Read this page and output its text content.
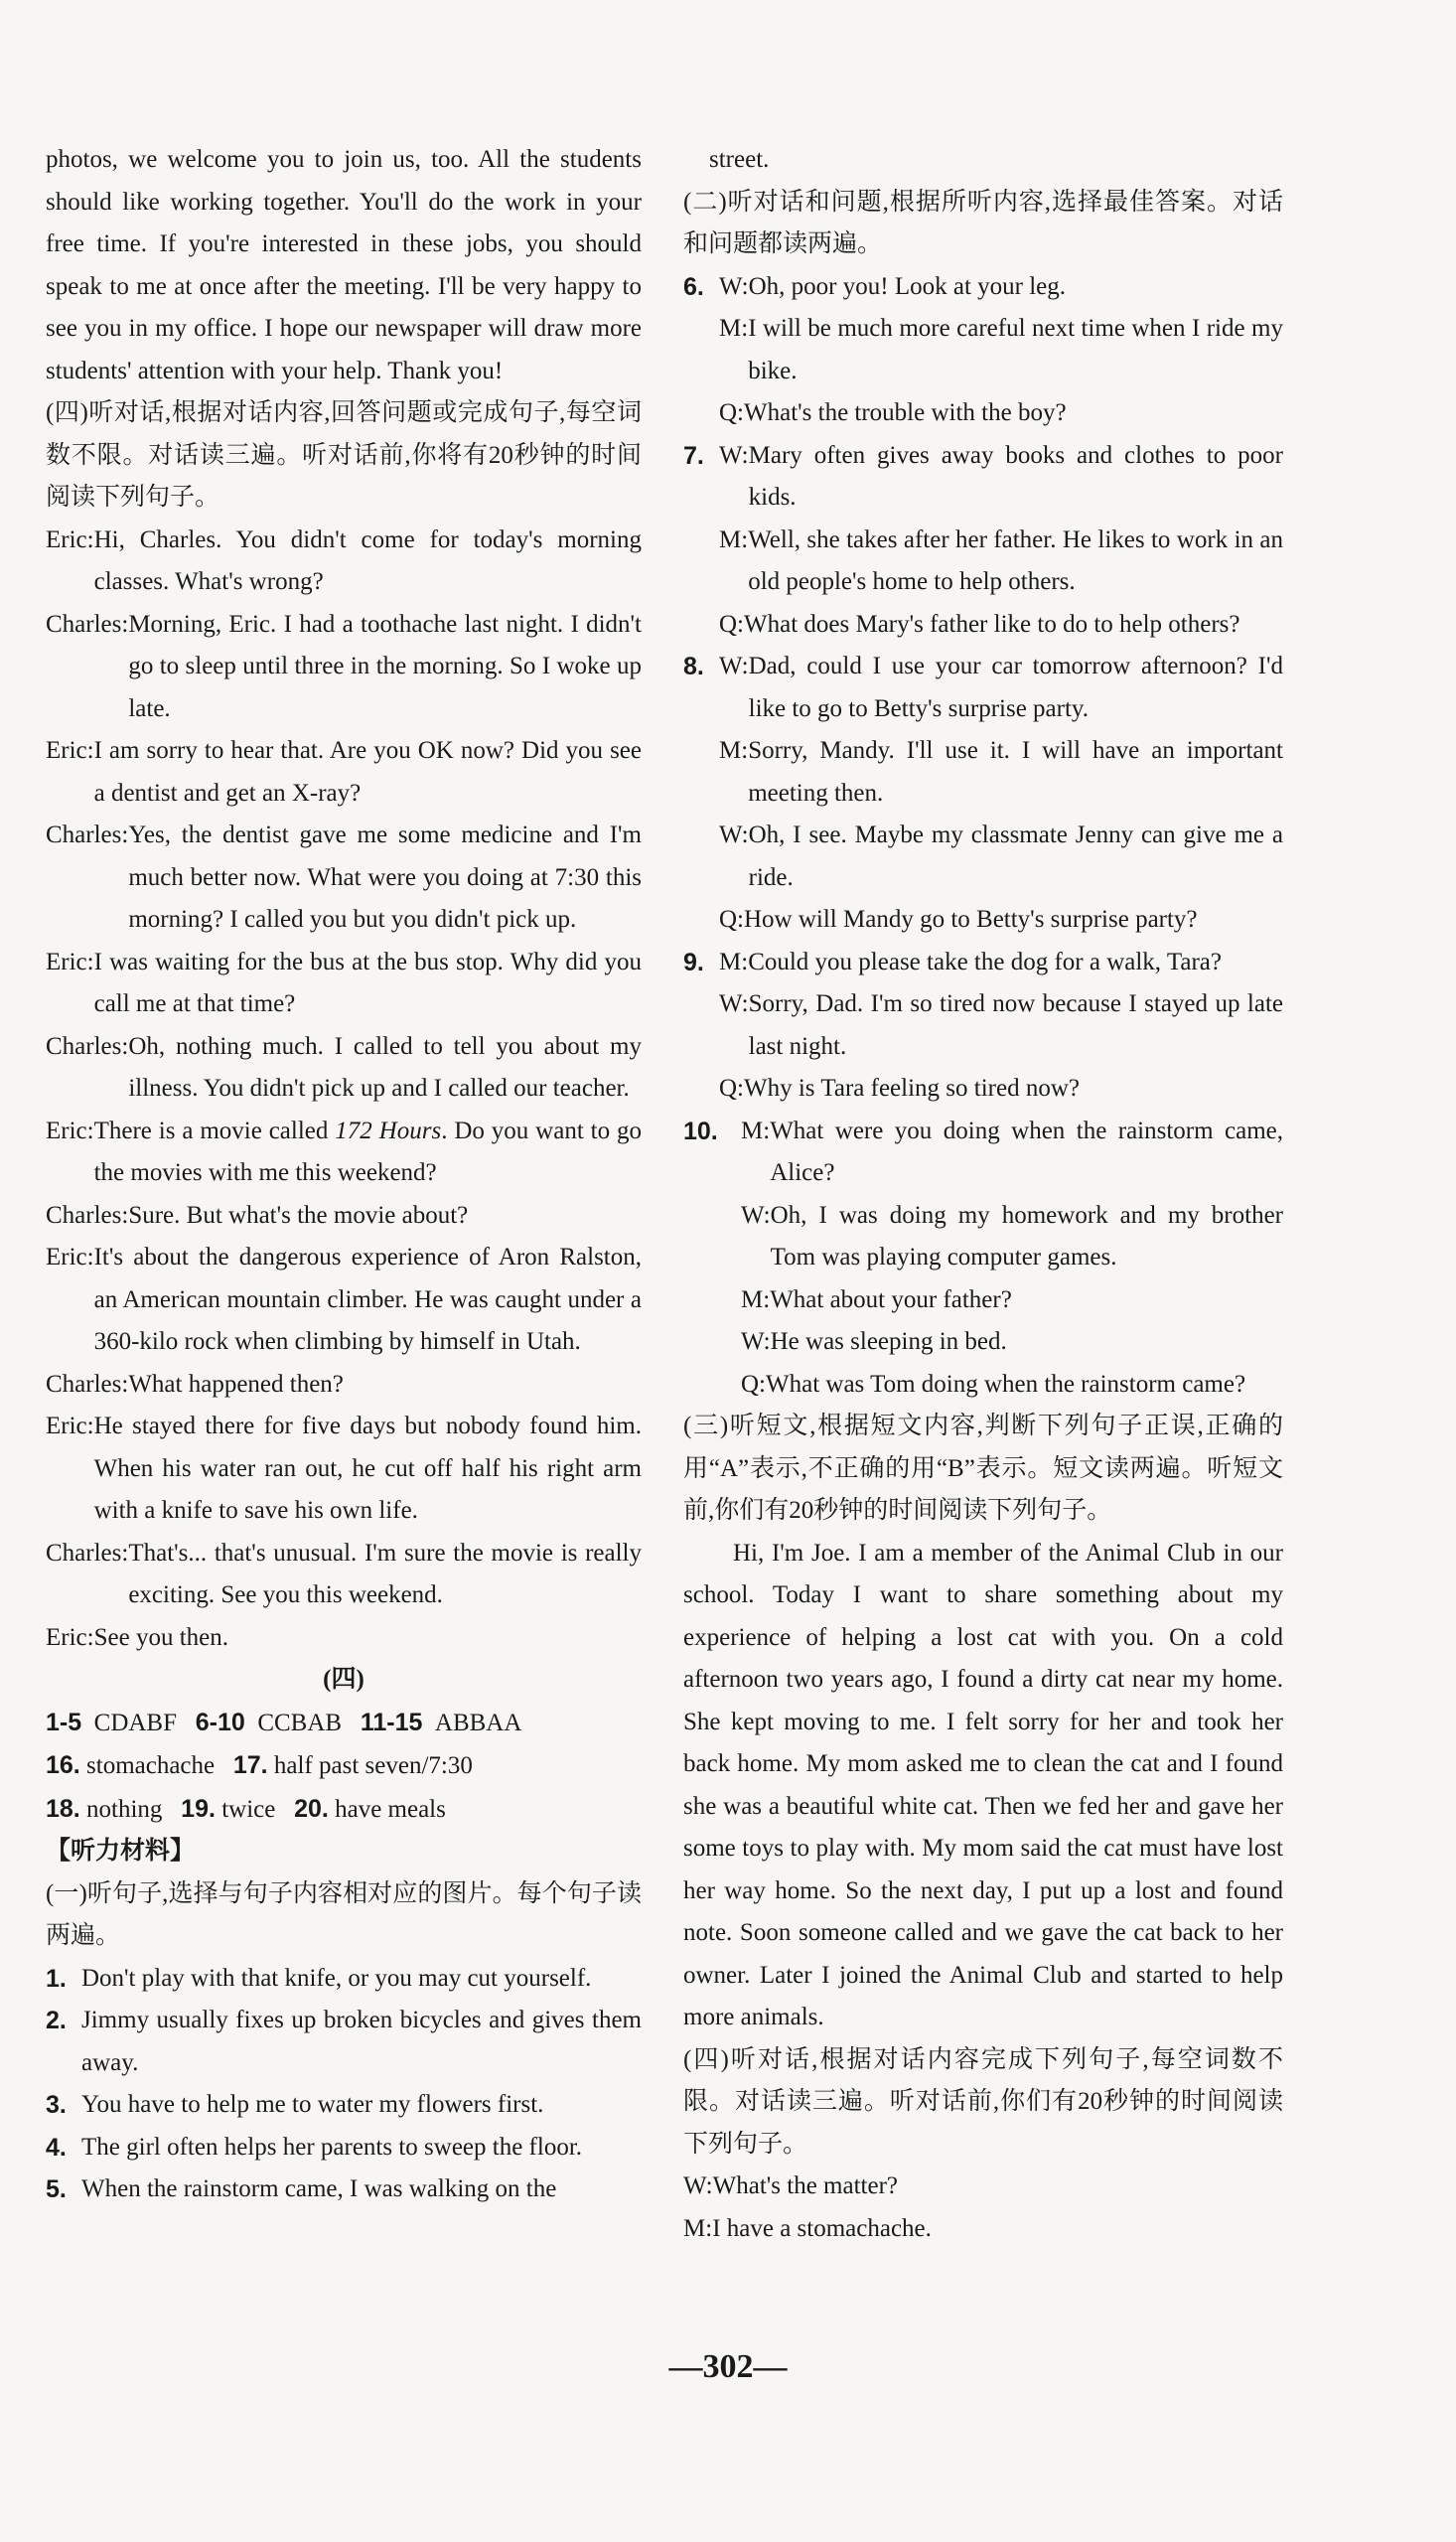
photos, we welcome you to join us, too. All the students should like working together. You'll do the work in your free time. If you're interested in these jobs, you should speak to me at once after the meeting. I'll be very happy to see you in my office. I hope our newspaper will draw more students' attention with your help. Thank you!

(四)听对话,根据对话内容,回答问题或完成句子,每空词数不限。对话读三遍。听对话前,你将有20秒钟的时间阅读下列句子。

Eric: Hi, Charles. You didn't come for today's morning classes. What's wrong?
Charles: Morning, Eric. I had a toothache last night. I didn't go to sleep until three in the morning. So I woke up late.
Eric: I am sorry to hear that. Are you OK now? Did you see a dentist and get an X-ray?
Charles: Yes, the dentist gave me some medicine and I'm much better now. What were you doing at 7:30 this morning? I called you but you didn't pick up.
Eric: I was waiting for the bus at the bus stop. Why did you call me at that time?
Charles: Oh, nothing much. I called to tell you about my illness. You didn't pick up and I called our teacher.
Eric: There is a movie called 172 Hours. Do you want to go the movies with me this weekend?
Charles: Sure. But what's the movie about?
Eric: It's about the dangerous experience of Aron Ralston, an American mountain climber. He was caught under a 360-kilo rock when climbing by himself in Utah.
Charles: What happened then?
Eric: He stayed there for five days but nobody found him. When his water ran out, he cut off half his right arm with a knife to save his own life.
Charles: That's... that's unusual. I'm sure the movie is really exciting. See you this weekend.
Eric: See you then.
(四)
1-5 CDABF 6-10 CCBAB 11-15 ABBAA
16. stomachache 17. half past seven/7:30
18. nothing 19. twice 20. have meals
【听力材料】

(一)听句子,选择与句子内容相对应的图片。每个句子读两遍。

1. Don't play with that knife, or you may cut yourself.
2. Jimmy usually fixes up broken bicycles and gives them away.
3. You have to help me to water my flowers first.
4. The girl often helps her parents to sweep the floor.
5. When the rainstorm came, I was walking on the
street.

(二)听对话和问题,根据所听内容,选择最佳答案。对话和问题都读两遍。

6. W: Oh, poor you! Look at your leg.
M: I will be much more careful next time when I ride my bike.
Q: What's the trouble with the boy?
7. W: Mary often gives away books and clothes to poor kids.
M: Well, she takes after her father. He likes to work in an old people's home to help others.
Q: What does Mary's father like to do to help others?
8. W: Dad, could I use your car tomorrow afternoon? I'd like to go to Betty's surprise party.
M: Sorry, Mandy. I'll use it. I will have an important meeting then.
W: Oh, I see. Maybe my classmate Jenny can give me a ride.
Q: How will Mandy go to Betty's surprise party?
9. M: Could you please take the dog for a walk, Tara?
W: Sorry, Dad. I'm so tired now because I stayed up late last night.
Q: Why is Tara feeling so tired now?
10. M: What were you doing when the rainstorm came, Alice?
W: Oh, I was doing my homework and my brother Tom was playing computer games.
M: What about your father?
W: He was sleeping in bed.
Q: What was Tom doing when the rainstorm came?

(三)听短文,根据短文内容,判断下列句子正误,正确的用“A”表示,不正确的用“B”表示。短文读两遍。听短文前,你们有20秒钟的时间阅读下列句子。

Hi, I'm Joe. I am a member of the Animal Club in our school. Today I want to share something about my experience of helping a lost cat with you. On a cold afternoon two years ago, I found a dirty cat near my home. She kept moving to me. I felt sorry for her and took her back home. My mom asked me to clean the cat and I found she was a beautiful white cat. Then we fed her and gave her some toys to play with. My mom said the cat must have lost her way home. So the next day, I put up a lost and found note. Soon someone called and we gave the cat back to her owner. Later I joined the Animal Club and started to help more animals.

(四)听对话,根据对话内容完成下列句子,每空词数不限。对话读三遍。听对话前,你们有20秒钟的时间阅读下列句子。

W: What's the matter?
M: I have a stomachache.
—302—
